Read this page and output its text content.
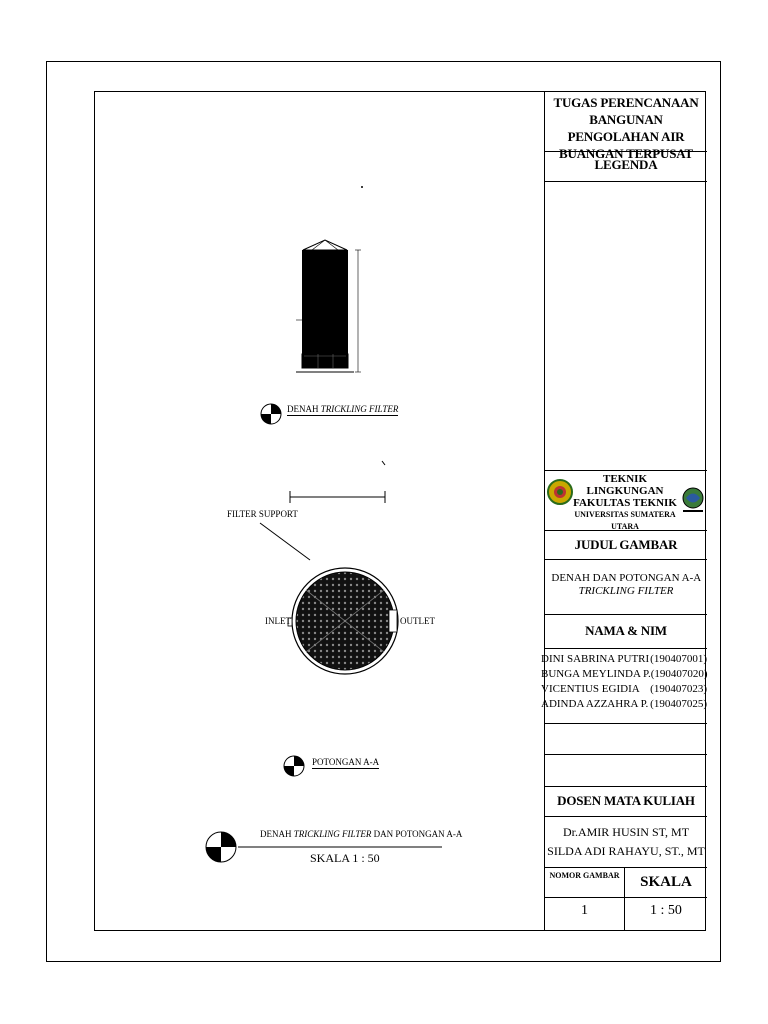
DENAH TRICKLING FILTER
FILTER SUPPORT
INLET	OUTLET
POTONGAN A-A
DENAH TRICKLING FILTER DAN POTONGAN A-A
SKALA 1 : 50
TUGAS PERENCANAAN BANGUNAN PENGOLAHAN AIR BUANGAN TERPUSAT
LEGENDA
TEKNIK LINGKUNGAN
FAKULTAS TEKNIK
UNIVERSITAS SUMATERA UTARA
JUDUL GAMBAR
DENAH DAN POTONGAN A-A TRICKLING FILTER
NAMA & NIM
DINI SABRINA PUTRI (190407001)
BUNGA MEYLINDA P. (190407020)
VICENTIUS EGIDIA (190407023)
ADINDA AZZAHRA P. (190407025)
DOSEN MATA KULIAH
Dr.AMIR HUSIN ST, MT
SILDA ADI RAHAYU, ST., MT
NOMOR GAMBAR	SKALA
1	1 : 50
